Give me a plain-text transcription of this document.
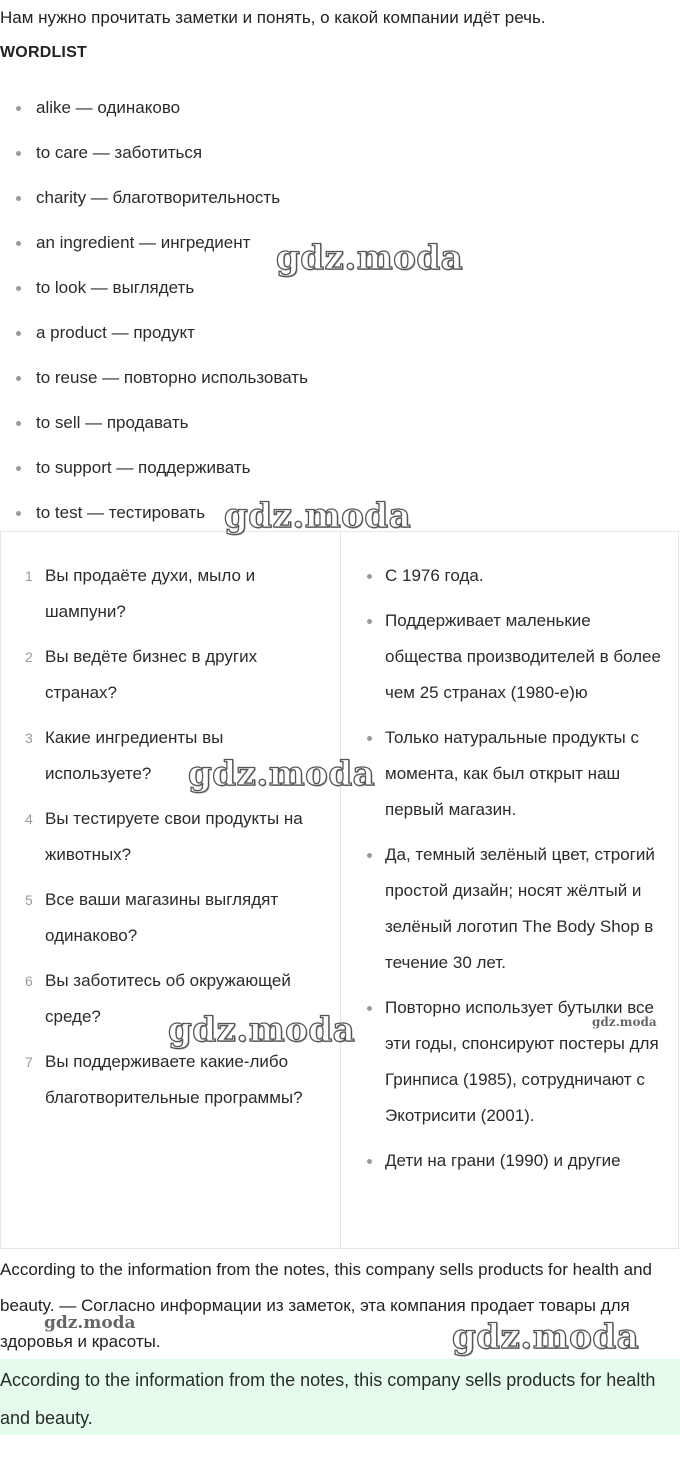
Нам нужно прочитать заметки и понять, о какой компании идёт речь.
WORDLIST
alike — одинаково
to care — заботиться
charity — благотворительность
an ingredient — ингредиент
to look — выглядеть
a product — продукт
to reuse — повторно использовать
to sell — продавать
to support — поддерживать
to test — тестировать
1 Вы продаёте духи, мыло и шампуни?
2 Вы ведёте бизнес в других странах?
3 Какие ингредиенты вы используете?
4 Вы тестируете свои продукты на животных?
5 Все ваши магазины выглядят одинаково?
6 Вы заботитесь об окружающей среде?
7 Вы поддерживаете какие-либо благотворительные программы?
С 1976 года.
Поддерживает маленькие общества производителей в более чем 25 странах (1980-е)ю
Только натуральные продукты с момента, как был открыт наш первый магазин.
Да, темный зелёный цвет, строгий простой дизайн; носят жёлтый и зелёный логотип The Body Shop в течение 30 лет.
Повторно использует бутылки все эти годы, спонсируют постеры для Гринписа (1985), сотрудничают с Экотрисити (2001).
Дети на грани (1990) и другие
According to the information from the notes, this company sells products for health and beauty. — Согласно информации из заметок, эта компания продает товары для здоровья и красоты.

According to the information from the notes, this company sells products for health and beauty.

gdz.moda
gdz.moda
gdz.moda
gdz.moda
gdz.moda
gdz.moda
gdz.moda
